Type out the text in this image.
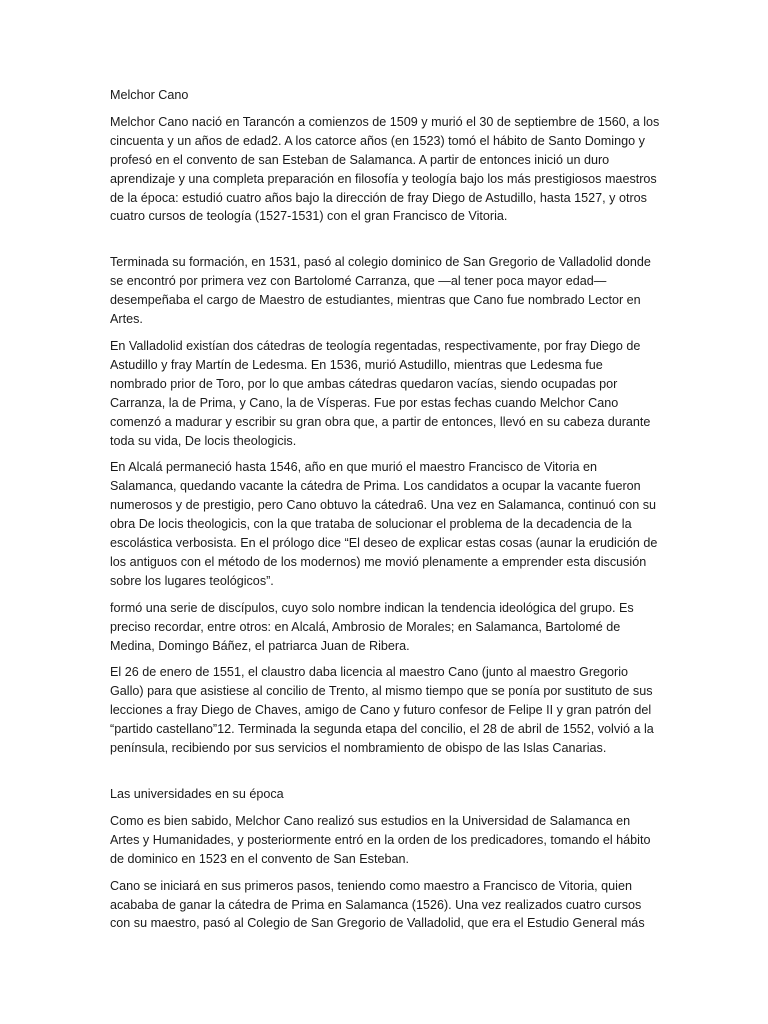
Melchor Cano

Melchor Cano nació en Tarancón a comienzos de 1509 y murió el 30 de septiembre de 1560, a los cincuenta y un años de edad2. A los catorce años (en 1523) tomó el hábito de Santo Domingo y profesó en el convento de san Esteban de Salamanca. A partir de entonces inició un duro aprendizaje y una completa preparación en filosofía y teología bajo los más prestigiosos maestros de la época: estudió cuatro años bajo la dirección de fray Diego de Astudillo, hasta 1527, y otros cuatro cursos de teología (1527-1531) con el gran Francisco de Vitoria.

Terminada su formación, en 1531, pasó al colegio dominico de San Gregorio de Valladolid donde se encontró por primera vez con Bartolomé Carranza, que —al tener poca mayor edad— desempeñaba el cargo de Maestro de estudiantes, mientras que Cano fue nombrado Lector en Artes.

En Valladolid existían dos cátedras de teología regentadas, respectivamente, por fray Diego de Astudillo y fray Martín de Ledesma. En 1536, murió Astudillo, mientras que Ledesma fue nombrado prior de Toro, por lo que ambas cátedras quedaron vacías, siendo ocupadas por Carranza, la de Prima, y Cano, la de Vísperas. Fue por estas fechas cuando Melchor Cano comenzó a madurar y escribir su gran obra que, a partir de entonces, llevó en su cabeza durante toda su vida, De locis theologicis.

En Alcalá permaneció hasta 1546, año en que murió el maestro Francisco de Vitoria en Salamanca, quedando vacante la cátedra de Prima. Los candidatos a ocupar la vacante fueron numerosos y de prestigio, pero Cano obtuvo la cátedra6. Una vez en Salamanca, continuó con su obra De locis theologicis, con la que trataba de solucionar el problema de la decadencia de la escolástica verbosista. En el prólogo dice “El deseo de explicar estas cosas (aunar la erudición de los antiguos con el método de los modernos) me movió plenamente a emprender esta discusión sobre los lugares teológicos”.

formó una serie de discípulos, cuyo solo nombre indican la tendencia ideológica del grupo. Es preciso recordar, entre otros: en Alcalá, Ambrosio de Morales; en Salamanca, Bartolomé de Medina, Domingo Báñez, el patriarca Juan de Ribera.

El 26 de enero de 1551, el claustro daba licencia al maestro Cano (junto al maestro Gregorio Gallo) para que asistiese al concilio de Trento, al mismo tiempo que se ponía por sustituto de sus lecciones a fray Diego de Chaves, amigo de Cano y futuro confesor de Felipe II y gran patrón del “partido castellano”12. Terminada la segunda etapa del concilio, el 28 de abril de 1552, volvió a la península, recibiendo por sus servicios el nombramiento de obispo de las Islas Canarias.

Las universidades en su época

Como es bien sabido, Melchor Cano realizó sus estudios en la Universidad de Salamanca en Artes y Humanidades, y posteriormente entró en la orden de los predicadores, tomando el hábito de dominico en 1523 en el convento de San Esteban.

Cano se iniciará en sus primeros pasos, teniendo como maestro a Francisco de Vitoria, quien acababa de ganar la cátedra de Prima en Salamanca (1526). Una vez realizados cuatro cursos con su maestro, pasó al Colegio de San Gregorio de Valladolid, que era el Estudio General más
